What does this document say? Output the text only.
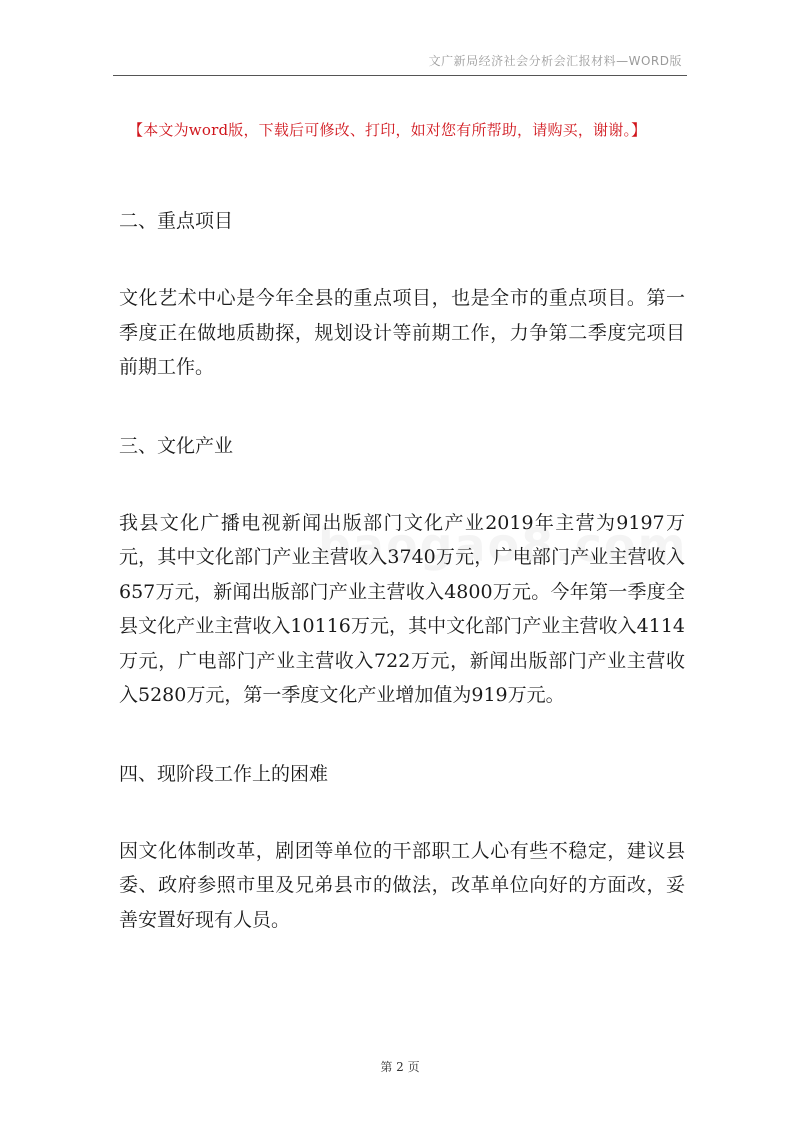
文广新局经济社会分析会汇报材料—WORD版
【本文为word版，下载后可修改、打印，如对您有所帮助，请购买，谢谢。】

二、重点项目

文化艺术中心是今年全县的重点项目，也是全市的重点项目。第一季度正在做地质勘探，规划设计等前期工作，力争第二季度完项目前期工作。

三、文化产业

我县文化广播电视新闻出版部门文化产业2019年主营为9197万元，其中文化部门产业主营收入3740万元，广电部门产业主营收入657万元，新闻出版部门产业主营收入4800万元。今年第一季度全县文化产业主营收入10116万元，其中文化部门产业主营收入4114万元，广电部门产业主营收入722万元，新闻出版部门产业主营收入5280万元，第一季度文化产业增加值为919万元。

四、现阶段工作上的困难

因文化体制改革，剧团等单位的干部职工人心有些不稳定，建议县委、政府参照市里及兄弟县市的做法，改革单位向好的方面改，妥善安置好现有人员。

第 2 页
